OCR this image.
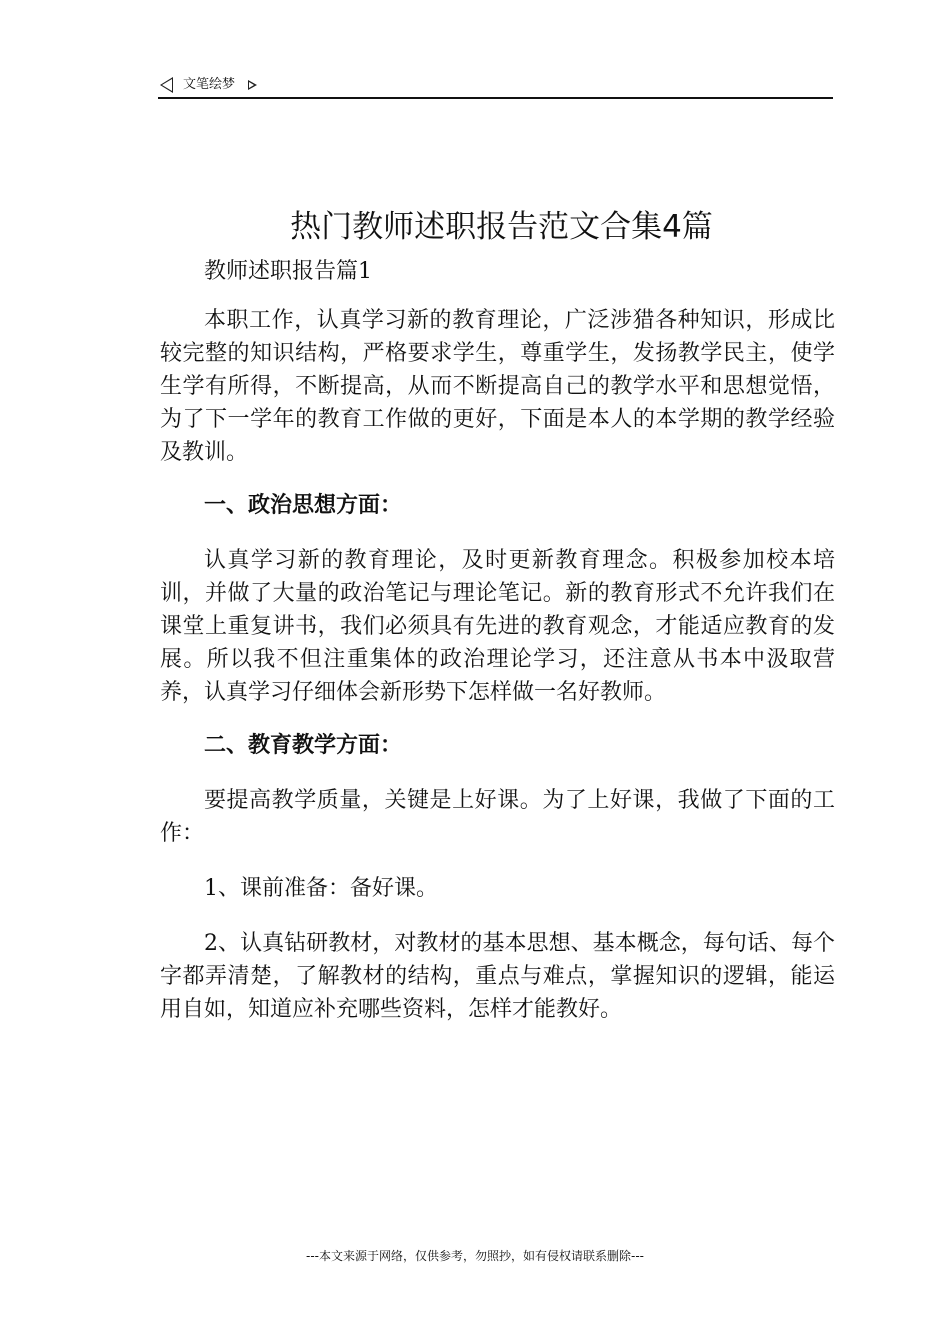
文笔绘梦
热门教师述职报告范文合集4篇

教师述职报告篇1

本职工作，认真学习新的教育理论，广泛涉猎各种知识，形成比较完整的知识结构，严格要求学生，尊重学生，发扬教学民主，使学生学有所得，不断提高，从而不断提高自己的教学水平和思想觉悟，为了下一学年的教育工作做的更好，下面是本人的本学期的教学经验及教训。

一、政治思想方面：

认真学习新的教育理论，及时更新教育理念。积极参加校本培训，并做了大量的政治笔记与理论笔记。新的教育形式不允许我们在课堂上重复讲书，我们必须具有先进的教育观念，才能适应教育的发展。所以我不但注重集体的政治理论学习，还注意从书本中汲取营养，认真学习仔细体会新形势下怎样做一名好教师。

二、教育教学方面：

要提高教学质量，关键是上好课。为了上好课，我做了下面的工作：

1、课前准备：备好课。

2、认真钻研教材，对教材的基本思想、基本概念，每句话、每个字都弄清楚，了解教材的结构，重点与难点，掌握知识的逻辑，能运用自如，知道应补充哪些资料，怎样才能教好。

---本文来源于网络，仅供参考，勿照抄，如有侵权请联系删除---
